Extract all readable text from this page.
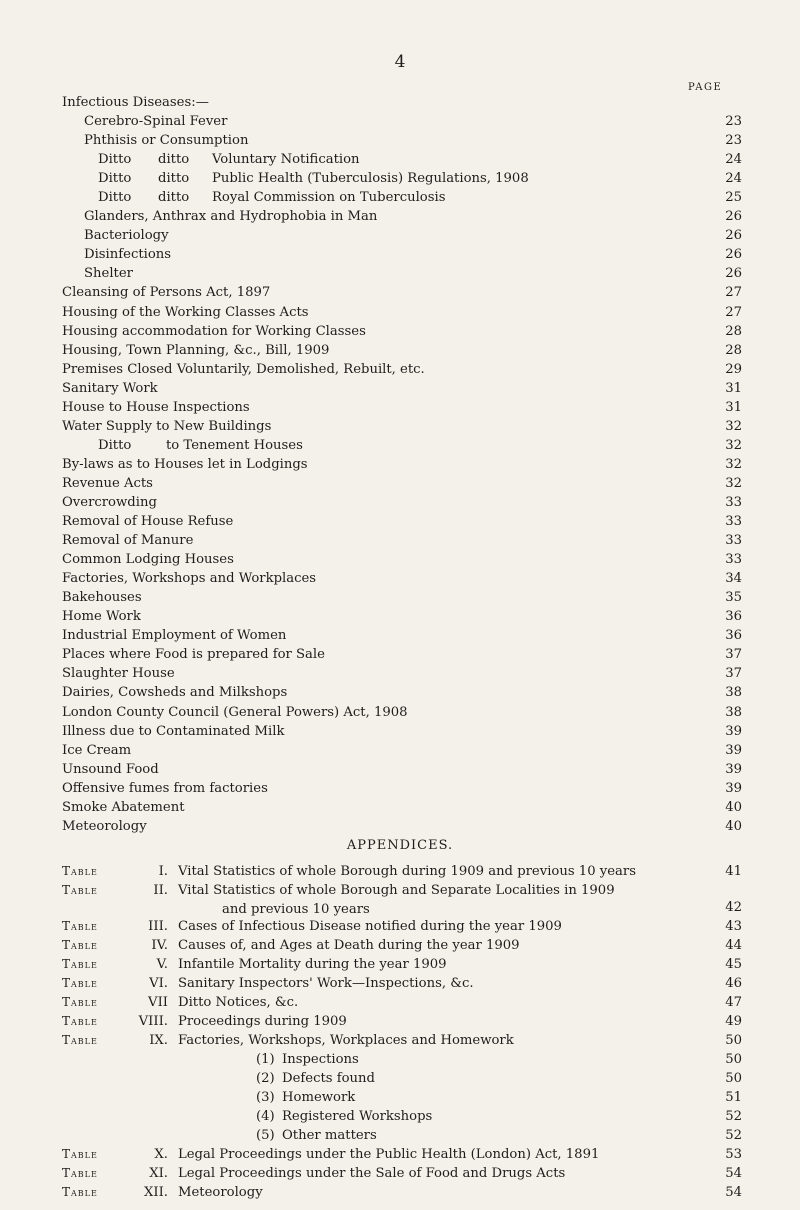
4
PAGE
Infectious Diseases:—
Cerebro-Spinal Fever	23
Phthisis or Consumption	23
Ditto ditto Voluntary Notification	24
Ditto ditto Public Health (Tuberculosis) Regulations, 1908	24
Ditto ditto Royal Commission on Tuberculosis	25
Glanders, Anthrax and Hydrophobia in Man	26
Bacteriology	26
Disinfections	26
Shelter	26
Cleansing of Persons Act, 1897	27
Housing of the Working Classes Acts	27
Housing accommodation for Working Classes	28
Housing, Town Planning, &c., Bill, 1909	28
Premises Closed Voluntarily, Demolished, Rebuilt, etc.	29
Sanitary Work	31
House to House Inspections	31
Water Supply to New Buildings	32
Ditto	to Tenement Houses	32
By-laws as to Houses let in Lodgings	32
Revenue Acts	32
Overcrowding	33
Removal of House Refuse	33
Removal of Manure	33
Common Lodging Houses	33
Factories, Workshops and Workplaces	34
Bakehouses	35
Home Work	36
Industrial Employment of Women	36
Places where Food is prepared for Sale	37
Slaughter House	37
Dairies, Cowsheds and Milkshops	38
London County Council (General Powers) Act, 1908	38
Illness due to Contaminated Milk	39
Ice Cream	39
Unsound Food	39
Offensive fumes from factories	39
Smoke Abatement	40
Meteorology	40
APPENDICES.
Table	I. Vital Statistics of whole Borough during 1909 and previous 10 years	41
Table	II. Vital Statistics of whole Borough and Separate Localities in 1909
and previous 10 years	42
Table	III. Cases of Infectious Disease notified during the year 1909	43
Table	IV. Causes of, and Ages at Death during the year 1909	44
Table	V. Infantile Mortality during the year 1909	45
Table	VI. Sanitary Inspectors' Work—Inspections, &c.	46
Table	VII Ditto Notices, &c.	47
Table	VIII. Proceedings during 1909	49
Table	IX. Factories, Workshops, Workplaces and Homework	50
(1) Inspections	50
(2) Defects found	50
(3) Homework	51
(4) Registered Workshops	52
(5) Other matters	52
Table	X. Legal Proceedings under the Public Health (London) Act, 1891	53
Table	XI. Legal Proceedings under the Sale of Food and Drugs Acts	54
Table	XII. Meteorology	54
